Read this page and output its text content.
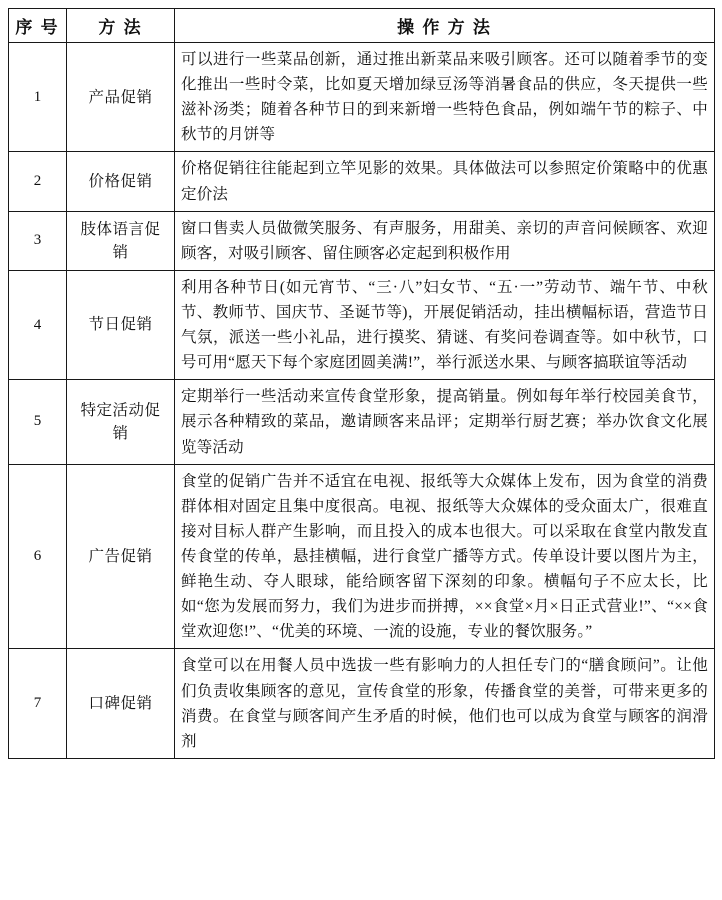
序 号	方 法	操 作 方 法
1	产品促销	可以进行一些菜品创新，通过推出新菜品来吸引顾客。还可以随着季节的变化推出一些时令菜，比如夏天增加绿豆汤等消暑食品的供应，冬天提供一些滋补汤类；随着各种节日的到来新增一些特色食品，例如端午节的粽子、中秋节的月饼等
2	价格促销	价格促销往往能起到立竿见影的效果。具体做法可以参照定价策略中的优惠定价法
3	肢体语言促销	窗口售卖人员做微笑服务、有声服务，用甜美、亲切的声音问候顾客、欢迎顾客，对吸引顾客、留住顾客必定起到积极作用
4	节日促销	利用各种节日(如元宵节、“三·八”妇女节、“五·一”劳动节、端午节、中秋节、教师节、国庆节、圣诞节等)，开展促销活动，挂出横幅标语，营造节日气氛，派送一些小礼品，进行摸奖、猜谜、有奖问卷调查等。如中秋节，口号可用“愿天下每个家庭团圆美满!”，举行派送水果、与顾客搞联谊等活动
5	特定活动促销	定期举行一些活动来宣传食堂形象，提高销量。例如每年举行校园美食节，展示各种精致的菜品，邀请顾客来品评；定期举行厨艺赛；举办饮食文化展览等活动
6	广告促销	食堂的促销广告并不适宜在电视、报纸等大众媒体上发布，因为食堂的消费群体相对固定且集中度很高。电视、报纸等大众媒体的受众面太广，很难直接对目标人群产生影响，而且投入的成本也很大。可以采取在食堂内散发直传食堂的传单，悬挂横幅，进行食堂广播等方式。传单设计要以图片为主，鲜艳生动、夺人眼球，能给顾客留下深刻的印象。横幅句子不应太长，比如“您为发展而努力，我们为进步而拼搏，××食堂×月×日正式营业!”、“××食堂欢迎您!”、“优美的环境、一流的设施，专业的餐饮服务。”
7	口碑促销	食堂可以在用餐人员中选拔一些有影响力的人担任专门的“膳食顾问”。让他们负责收集顾客的意见，宣传食堂的形象，传播食堂的美誉，可带来更多的消费。在食堂与顾客间产生矛盾的时候，他们也可以成为食堂与顾客的润滑剂
